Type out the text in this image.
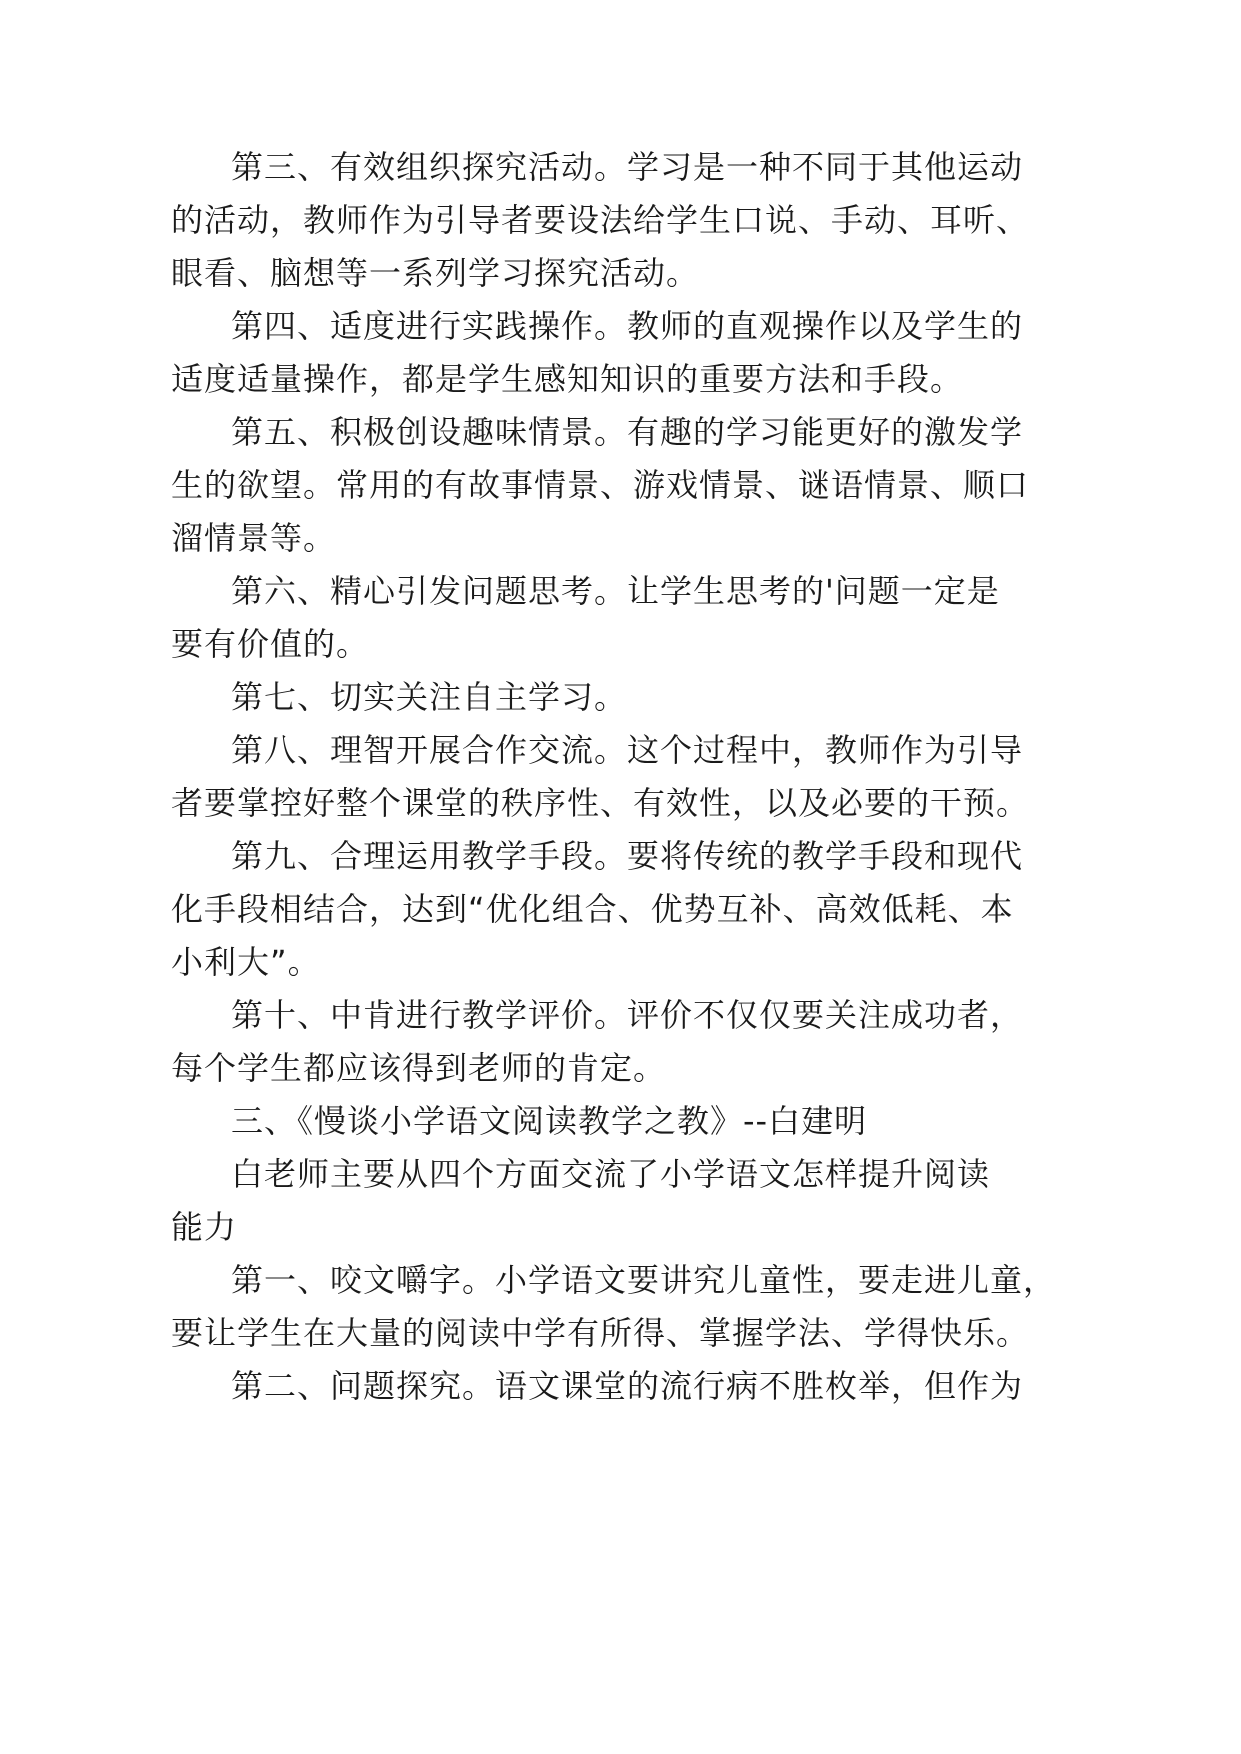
第三、有效组织探究活动。学习是一种不同于其他运动
的活动，教师作为引导者要设法给学生口说、手动、耳听、
眼看、脑想等一系列学习探究活动。
第四、适度进行实践操作。教师的直观操作以及学生的
适度适量操作，都是学生感知知识的重要方法和手段。
第五、积极创设趣味情景。有趣的学习能更好的激发学
生的欲望。常用的有故事情景、游戏情景、谜语情景、顺口
溜情景等。
第六、精心引发问题思考。让学生思考的'问题一定是
要有价值的。
第七、切实关注自主学习。
第八、理智开展合作交流。这个过程中，教师作为引导
者要掌控好整个课堂的秩序性、有效性，以及必要的干预。
第九、合理运用教学手段。要将传统的教学手段和现代
化手段相结合，达到“优化组合、优势互补、高效低耗、本
小利大”。
第十、中肯进行教学评价。评价不仅仅要关注成功者，
每个学生都应该得到老师的肯定。
三、《慢谈小学语文阅读教学之教》--白建明
白老师主要从四个方面交流了小学语文怎样提升阅读
能力
第一、咬文嚼字。小学语文要讲究儿童性，要走进儿童，
要让学生在大量的阅读中学有所得、掌握学法、学得快乐。
第二、问题探究。语文课堂的流行病不胜枚举，但作为
